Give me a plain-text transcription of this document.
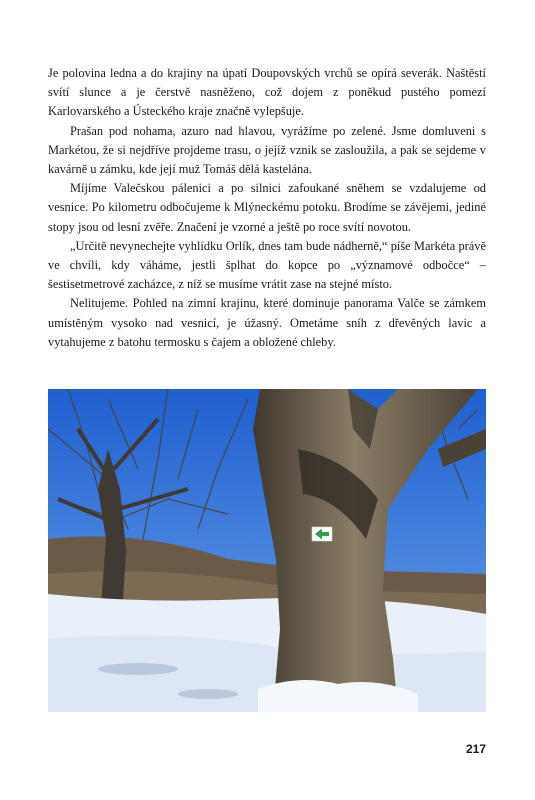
Je polovina ledna a do krajiny na úpatí Doupovských vrchů se opírá severák. Naštěstí svítí slunce a je čerstvě nasněženo, což dojem z poněkud pustého pomezí Karlovarského a Ústeckého kraje značně vylepšuje.

Prašan pod nohama, azuro nad hlavou, vyrážíme po zelené. Jsme domluveni s Markétou, že si nejdříve projdeme trasu, o jejíž vznik se zasloužila, a pak se sejdeme v kavárně u zámku, kde její muž Tomáš dělá kastelána.

Míjíme Valečskou pálenici a po silnici zafoukané sněhem se vzdalujeme od vesnice. Po kilometru odbočujeme k Mlýneckému potoku. Brodíme se závějemi, jediné stopy jsou od lesní zvěře. Značení je vzorné a ještě po roce svítí novotou.

„Určitě nevynechejte vyhlídku Orlík, dnes tam bude nádherně,“ píše Markéta právě ve chvíli, kdy váháme, jestli šplhat do kopce po „významové odbočce“ – šestisetmetrové zacházce, z níž se musíme vrátit zase na stejné místo.

Nelitujeme. Pohled na zimní krajinu, které dominuje panorama Valče se zámkem umístěným vysoko nad vesnicí, je úžasný. Ometáme sníh z dřevěných lavic a vytahujeme z batohu termosku s čajem a obložené chleby.

217
